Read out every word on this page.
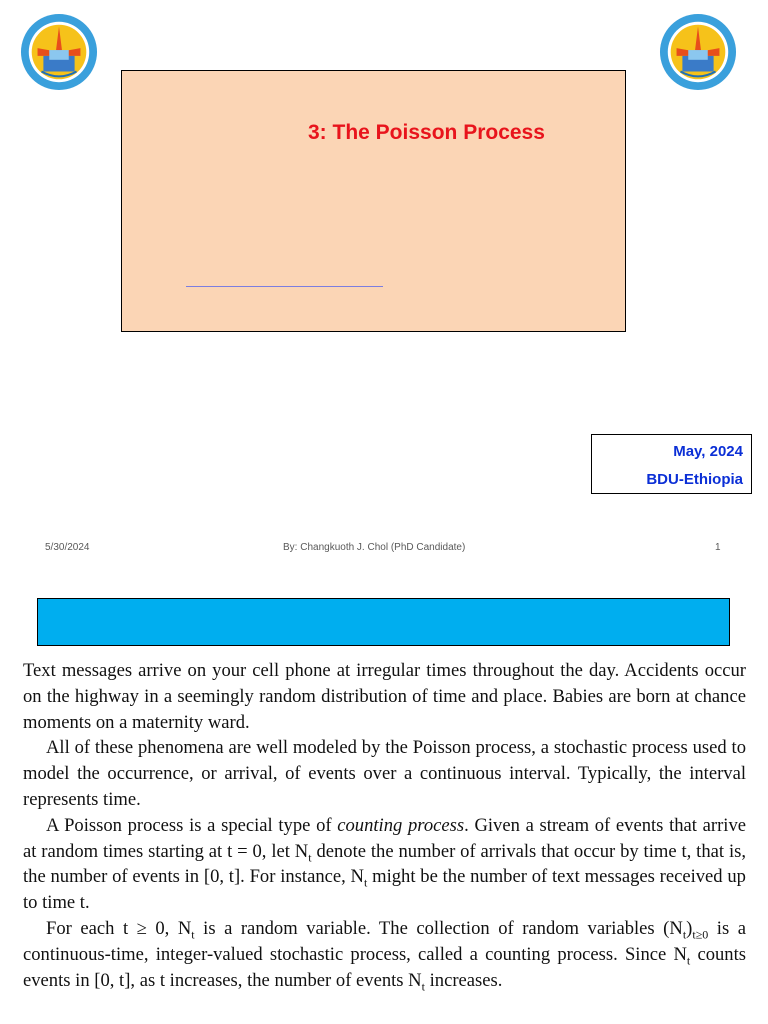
3: The Poisson Process
May, 2024
BDU-Ethiopia
5/30/2024	By: Changkuoth J. Chol (PhD Candidate)	1

Text messages arrive on your cell phone at irregular times throughout the day. Accidents occur on the highway in a seemingly random distribution of time and place. Babies are born at chance moments on a maternity ward.

All of these phenomena are well modeled by the Poisson process, a stochastic process used to model the occurrence, or arrival, of events over a continuous interval. Typically, the interval represents time.

A Poisson process is a special type of counting process. Given a stream of events that arrive at random times starting at t = 0, let $N_t$ denote the number of arrivals that occur by time t, that is, the number of events in [0, t]. For instance, $N_t$ might be the number of text messages received up to time t.

For each t ≥ 0, $N_t$ is a random variable. The collection of random variables $(N_t)_{t\ge 0}$ is a continuous-time, integer-valued stochastic process, called a counting process. Since $N_t$ counts events in [0, t], as t increases, the number of events $N_t$ increases.
